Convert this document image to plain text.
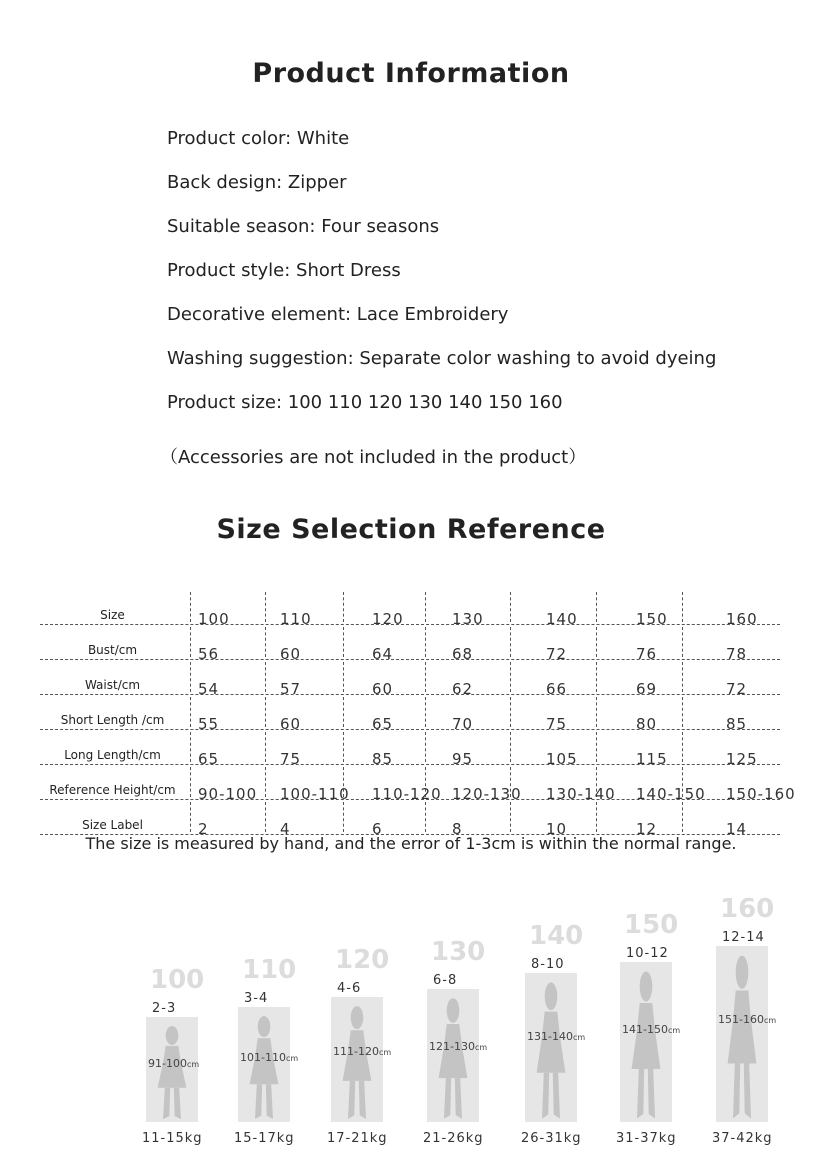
Product Information
Product color: White
Back design: Zipper
Suitable season: Four seasons
Product style: Short Dress
Decorative element: Lace Embroidery
Washing suggestion: Separate color washing to avoid dyeing
Product size: 100 110 120 130 140 150 160
（Accessories are not included in the product）
Size Selection Reference
Size	100	110	120	130	140	150	160
Bust/cm	56	60	64	68	72	76	78
Waist/cm	54	57	60	62	66	69	72
Short Length /cm	55	60	65	70	75	80	85
Long Length/cm	65	75	85	95	105	115	125
Reference Height/cm	90-100 100-110 110-120 120-130 130-140 140-150 150-160
Size Label	2	4	6	8	10	12	14
The size is measured by hand, and the error of 1-3cm is within the normal range.
100
2-3
91-100cm
11-15kg
110
3-4
101-110cm
15-17kg
120
4-6
111-120cm
17-21kg
130
6-8
121-130cm
21-26kg
140
8-10
131-140cm
26-31kg
150
10-12
141-150cm
31-37kg
160
12-14
151-160cm
37-42kg
